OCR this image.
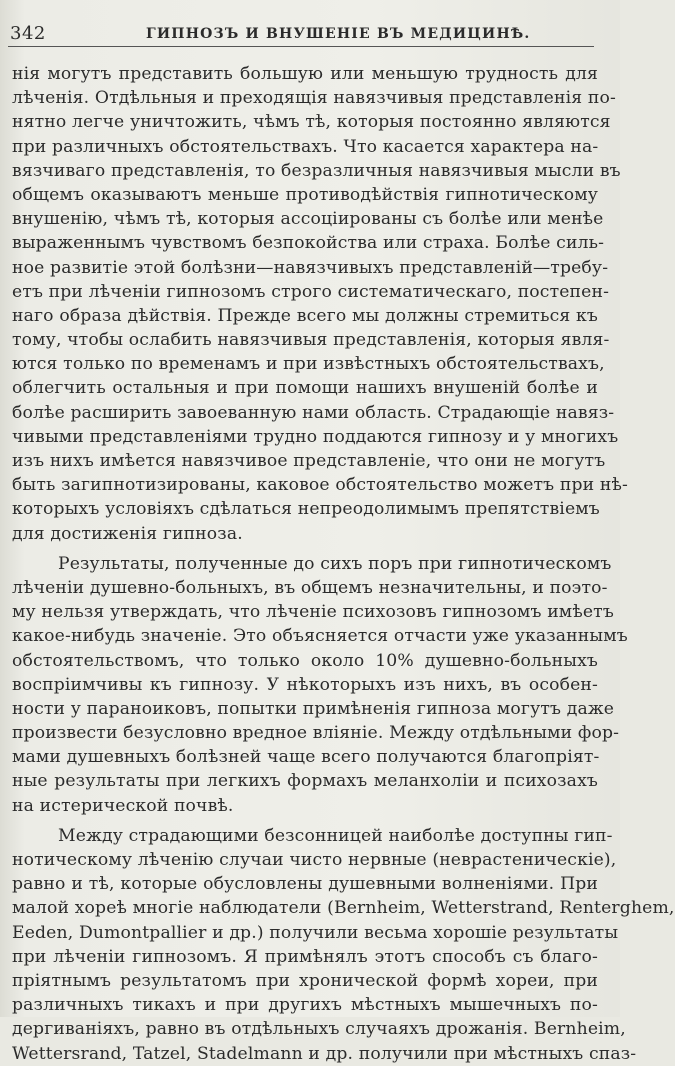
342	ГИПНОЗЪ И ВНУШЕНІЕ ВЪ МЕДИЦИНѢ.
нія могутъ представить большую или меньшую трудность для
лѣченія. Отдѣльныя и преходящія навязчивыя представленія по-
нятно легче уничтожить, чѣмъ тѣ, которыя постоянно являются
при различныхъ обстоятельствахъ. Что касается характера на-
вязчиваго представленія, то безразличныя навязчивыя мысли въ
общемъ оказываютъ меньше противодѣйствія гипнотическому
внушенію, чѣмъ тѣ, которыя ассоціированы съ болѣе или менѣе
выраженнымъ чувствомъ безпокойства или страха. Болѣе силь-
ное развитіе этой болѣзни—навязчивыхъ представленій—требу-
етъ при лѣченіи гипнозомъ строго систематическаго, постепен-
наго образа дѣйствія. Прежде всего мы должны стремиться къ
тому, чтобы ослабить навязчивыя представленія, которыя явля-
ются только по временамъ и при извѣстныхъ обстоятельствахъ,
облегчить остальныя и при помощи нашихъ внушеній болѣе и
болѣе расширить завоеванную нами область. Страдающіе навяз-
чивыми представленіями трудно поддаются гипнозу и у многихъ
изъ нихъ имѣется навязчивое представленіе, что они не могутъ
быть загипнотизированы, каковое обстоятельство можетъ при нѣ-
которыхъ условіяхъ сдѣлаться непреодолимымъ препятствіемъ
для достиженія гипноза.
Результаты, полученные до сихъ поръ при гипнотическомъ
лѣченіи душевно-больныхъ, въ общемъ незначительны, и поэто-
му нельзя утверждать, что лѣченіе психозовъ гипнозомъ имѣетъ
какое-нибудь значеніе. Это объясняется отчасти уже указаннымъ
обстоятельствомъ, что только около 10% душевно-больныхъ
воспріимчивы къ гипнозу. У нѣкоторыхъ изъ нихъ, въ особен-
ности у параноиковъ, попытки примѣненія гипноза могутъ даже
произвести безусловно вредное вліяніе. Между отдѣльными фор-
мами душевныхъ болѣзней чаще всего получаются благопріят-
ные результаты при легкихъ формахъ меланхоліи и психозахъ
на истерической почвѣ.
Между страдающими безсонницей наиболѣе доступны гип-
нотическому лѣченію случаи чисто нервные (неврастеническіе),
равно и тѣ, которые обусловлены душевными волненіями. При
малой хореѣ многіе наблюдатели (Bernheim, Wetterstrand, Renterghem,
Eeden, Dumontpallier и др.) получили весьма хорошіе результаты
при лѣченіи гипнозомъ. Я примѣнялъ этотъ способъ съ благо-
пріятнымъ результатомъ при хронической формѣ хореи, при
различныхъ тикахъ и при другихъ мѣстныхъ мышечныхъ по-
дергиваніяхъ, равно въ отдѣльныхъ случаяхъ дрожанія. Bernheim,
Wettersrand, Tatzel, Stadelmann и др. получили при мѣстныхъ спаз-
